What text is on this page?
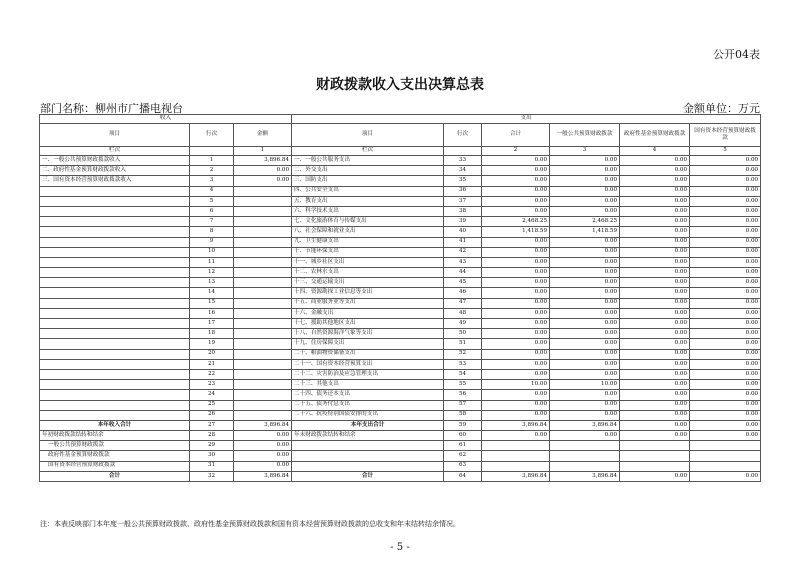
公开04表
财政拨款收入支出决算总表
部门名称：柳州市广播电视台	金额单位：万元
收入			支出					
项目	行次	金额	项目	行次	合计	一般公共预算财政拨款	政府性基金预算财政拨款	国有资本经营预算财政拨款
栏次		1	栏次		2	3	4	5
一、一般公共预算财政拨款收入	1	3,896.84	一、一般公共服务支出	33	0.00	0.00	0.00	0.00
二、政府性基金预算财政拨款收入	2	0.00	二、外交支出	34	0.00	0.00	0.00	0.00
三、国有资本经营预算财政拨款收入	3	0.00	三、国防支出	35	0.00	0.00	0.00	0.00
	4		四、公共安全支出	36	0.00	0.00	0.00	0.00
	5		五、教育支出	37	0.00	0.00	0.00	0.00
	6		六、科学技术支出	38	0.00	0.00	0.00	0.00
	7		七、文化旅游体育与传媒支出	39	2,468.25	2,468.25	0.00	0.00
	8		八、社会保障和就业支出	40	1,418.59	1,418.59	0.00	0.00
	9		九、卫生健康支出	41	0.00	0.00	0.00	0.00
	10		十、节能环保支出	42	0.00	0.00	0.00	0.00
	11		十一、城乡社区支出	43	0.00	0.00	0.00	0.00
	12		十二、农林水支出	44	0.00	0.00	0.00	0.00
	13		十三、交通运输支出	45	0.00	0.00	0.00	0.00
	14		十四、资源勘探工业信息等支出	46	0.00	0.00	0.00	0.00
	15		十五、商业服务业等支出	47	0.00	0.00	0.00	0.00
	16		十六、金融支出	48	0.00	0.00	0.00	0.00
	17		十七、援助其他地区支出	49	0.00	0.00	0.00	0.00
	18		十八、自然资源海洋气象等支出	50	0.00	0.00	0.00	0.00
	19		十九、住房保障支出	51	0.00	0.00	0.00	0.00
	20		二十、粮油物资储备支出	52	0.00	0.00	0.00	0.00
	21		二十一、国有资本经营预算支出	53	0.00	0.00	0.00	0.00
	22		二十二、灾害防治及应急管理支出	54	0.00	0.00	0.00	0.00
	23		二十三、其他支出	55	10.00	10.00	0.00	0.00
	24		二十四、债务还本支出	56	0.00	0.00	0.00	0.00
	25		二十五、债务付息支出	57	0.00	0.00	0.00	0.00
	26		二十六、抗疫特别国债安排的支出	58	0.00	0.00	0.00	0.00
本年收入合计	27	3,896.84	本年支出合计	59	3,896.84	3,896.84	0.00	0.00
年初财政拨款结转和结余	28	0.00	年末财政拨款结转和结余	60	0.00	0.00	0.00	0.00
一般公共预算财政拨款	29	0.00		61				
政府性基金预算财政拨款	30	0.00		62				
国有资本经营预算财政拨款	31	0.00		63				
合计	32	3,896.84	合计	64	3,896.84	3,896.84	0.00	0.00
注：本表反映部门本年度一般公共预算财政拨款、政府性基金预算财政拨款和国有资本经营预算财政拨款的总收支和年末结转结余情况。
- 5 -
